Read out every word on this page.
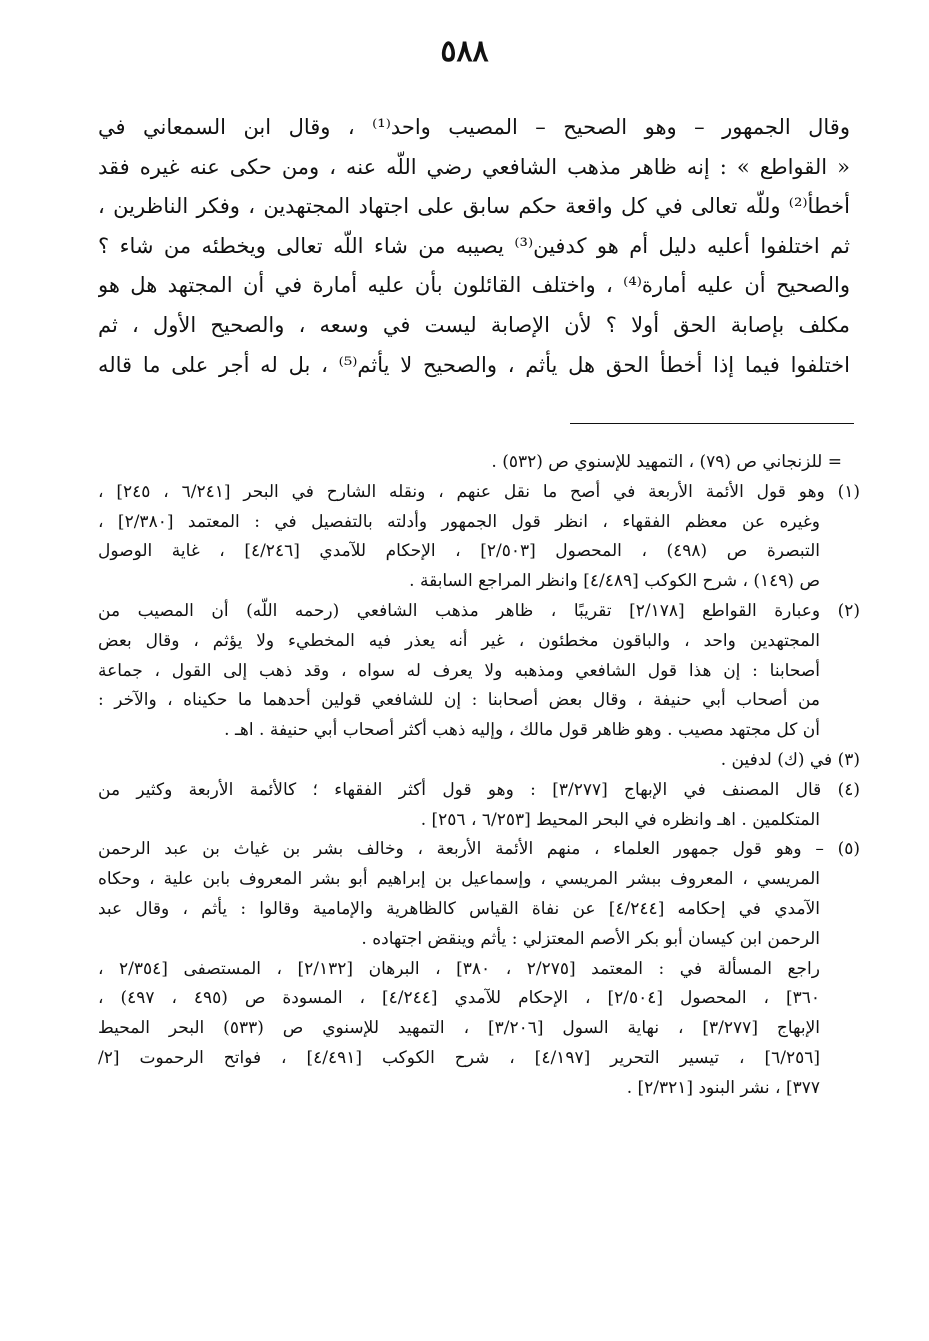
٥٨٨
وقال الجمهور – وهو الصحيح – المصيب واحد⁽¹⁾ ، وقال ابن السمعاني في
« القواطع » : إنه ظاهر مذهب الشافعي رضي اللّه عنه ، ومن حكى عنه غيره فقد
أخطأ⁽²⁾ وللّه تعالى في كل واقعة حكم سابق على اجتهاد المجتهدين ، وفكر الناظرين ،
ثم اختلفوا أعليه دليل أم هو كدفين⁽³⁾ يصيبه من شاء اللّه تعالى ويخطئه من شاء ؟
والصحيح أن عليه أمارة⁽⁴⁾ ، واختلف القائلون بأن عليه أمارة في أن المجتهد هل هو
مكلف بإصابة الحق أولا ؟ لأن الإصابة ليست في وسعه ، والصحيح الأول ، ثم
اختلفوا فيما إذا أخطأ الحق هل يأثم ، والصحيح لا يأثم⁽⁵⁾ ، بل له أجر على ما قاله
= للزنجاني ص (٧٩) ، التمهيد للإسنوي ص (٥٣٢) .
(١) وهو قول الأئمة الأربعة في أصح ما نقل عنهم ، ونقله الشارح في البحر [٦/٢٤١ ، ٢٤٥] ،
وغيره عن معظم الفقهاء ، انظر قول الجمهور وأدلته بالتفصيل في : المعتمد [٢/٣٨٠] ،
التبصرة ص (٤٩٨) ، المحصول [٢/٥٠٣] ، الإحكام للآمدي [٤/٢٤٦] ، غاية الوصول
ص (١٤٩) ، شرح الكوكب [٤/٤٨٩] وانظر المراجع السابقة .
(٢) وعبارة القواطع [٢/١٧٨] تقريبًا ، ظاهر مذهب الشافعي (رحمه اللّه) أن المصيب من
المجتهدين واحد ، والباقون مخطئون ، غير أنه يعذر فيه المخطيء ولا يؤثم ، وقال بعض
أصحابنا : إن هذا قول الشافعي ومذهبه ولا يعرف له سواه ، وقد ذهب إلى القول ، جماعة
من أصحاب أبي حنيفة ، وقال بعض أصحابنا : إن للشافعي قولين أحدهما ما حكيناه ، والآخر :
أن كل مجتهد مصيب . وهو ظاهر قول مالك ، وإليه ذهب أكثر أصحاب أبي حنيفة . اهـ .
(٣) في (ك) لدفين .
(٤) قال المصنف في الإبهاج [٣/٢٧٧] : وهو قول أكثر الفقهاء ؛ كالأئمة الأربعة وكثير من
المتكلمين . اهـ وانظره في البحر المحيط [٦/٢٥٣ ، ٢٥٦] .
(٥) – وهو قول جمهور العلماء ، منهم الأئمة الأربعة ، وخالف بشر بن غياث بن عبد الرحمن
المريسي ، المعروف ببشر المريسي ، وإسماعيل بن إبراهيم أبو بشر المعروف بابن علية ، وحكاه
الآمدي في إحكامه [٤/٢٤٤] عن نفاة القياس كالظاهرية والإمامية وقالوا : يأثم ، وقال عبد
الرحمن ابن كيسان أبو بكر الأصم المعتزلي : يأثم وينقض اجتهاده .
راجع المسألة في : المعتمد [٢/٢٧٥ ، ٣٨٠] ، البرهان [٢/١٣٢] ، المستصفى [٢/٣٥٤ ،
٣٦٠] ، المحصول [٢/٥٠٤] ، الإحكام للآمدي [٤/٢٤٤] ، المسودة ص (٤٩٥ ، ٤٩٧) ،
الإبهاج [٣/٢٧٧] ، نهاية السول [٣/٢٠٦] ، التمهيد للإسنوي ص (٥٣٣) البحر المحيط
[٦/٢٥٦] ، تيسير التحرير [٤/١٩٧] ، شرح الكوكب [٤/٤٩١] ، فواتح الرحموت [٢/
٣٧٧] ، نشر البنود [٢/٣٢١] .
